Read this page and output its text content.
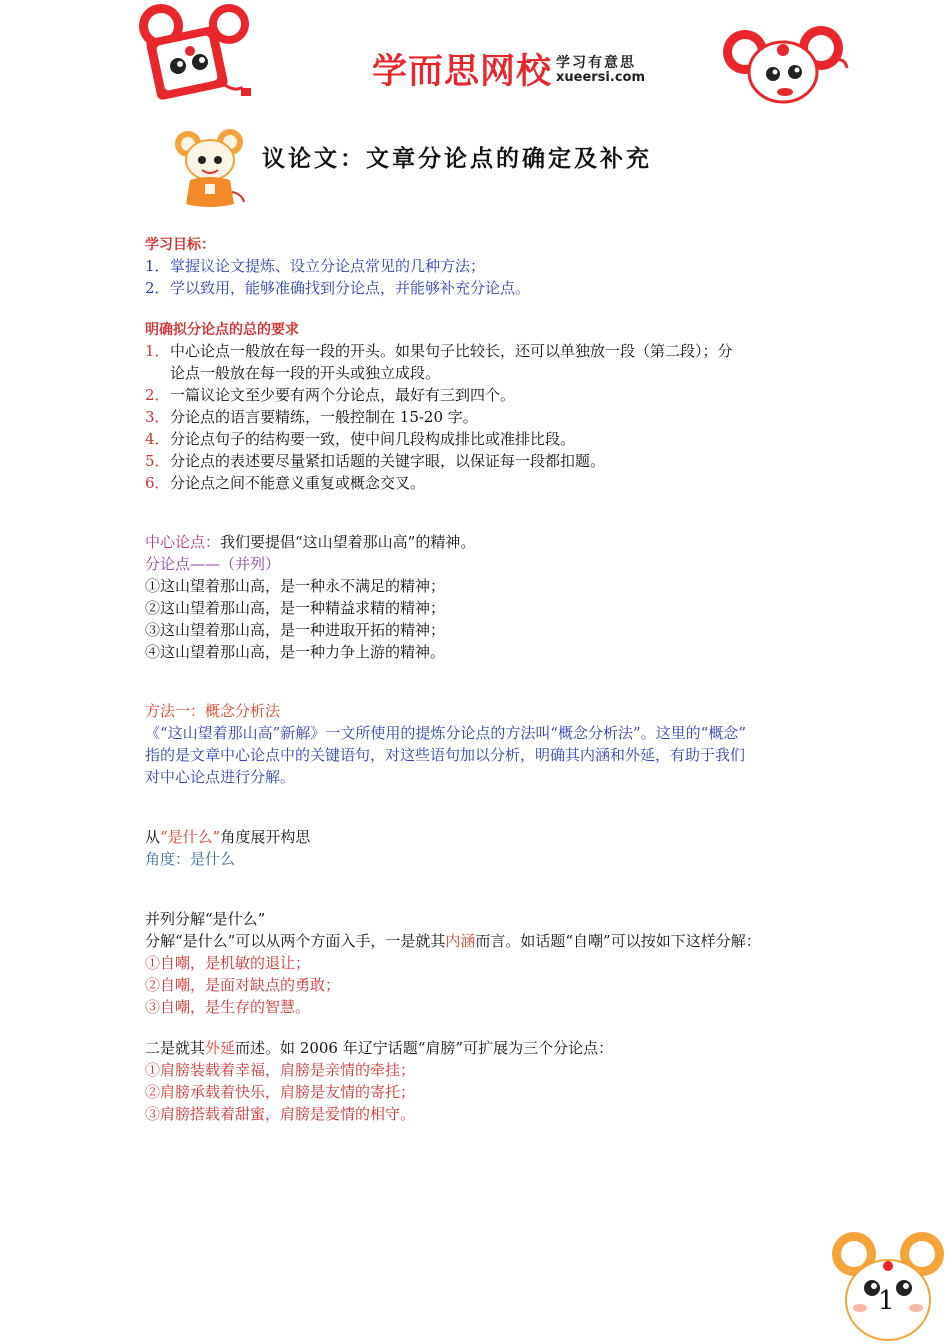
学而思网校 学习有意思
xueersi.com
议论文：文章分论点的确定及补充
学习目标：
1．掌握议论文提炼、设立分论点常见的几种方法；
2．学以致用，能够准确找到分论点，并能够补充分论点。
明确拟分论点的总的要求
1．中心论点一般放在每一段的开头。如果句子比较长，还可以单独放一段（第二段）；分
论点一般放在每一段的开头或独立成段。
2．一篇议论文至少要有两个分论点，最好有三到四个。
3．分论点的语言要精练，一般控制在 15-20 字。
4．分论点句子的结构要一致，使中间几段构成排比或准排比段。
5．分论点的表述要尽量紧扣话题的关键字眼，以保证每一段都扣题。
6．分论点之间不能意义重复或概念交叉。
中心论点：我们要提倡“这山望着那山高”的精神。
分论点——（并列）
①这山望着那山高，是一种永不满足的精神；
②这山望着那山高，是一种精益求精的精神；
③这山望着那山高，是一种进取开拓的精神；
④这山望着那山高，是一种力争上游的精神。
方法一：概念分析法
《“这山望着那山高”新解》一文所使用的提炼分论点的方法叫“概念分析法”。这里的“概念”
指的是文章中心论点中的关键语句，对这些语句加以分析，明确其内涵和外延，有助于我们
对中心论点进行分解。
从“是什么”角度展开构思
角度：是什么
并列分解“是什么”
分解“是什么”可以从两个方面入手，一是就其内涵而言。如话题“自嘲”可以按如下这样分解：
①自嘲，是机敏的退让；
②自嘲，是面对缺点的勇敢；
③自嘲，是生存的智慧。
二是就其外延而述。如 2006 年辽宁话题“肩膀”可扩展为三个分论点：
①肩膀装载着幸福，肩膀是亲情的牵挂；
②肩膀承载着快乐，肩膀是友情的寄托；
③肩膀搭载着甜蜜，肩膀是爱情的相守。
1
